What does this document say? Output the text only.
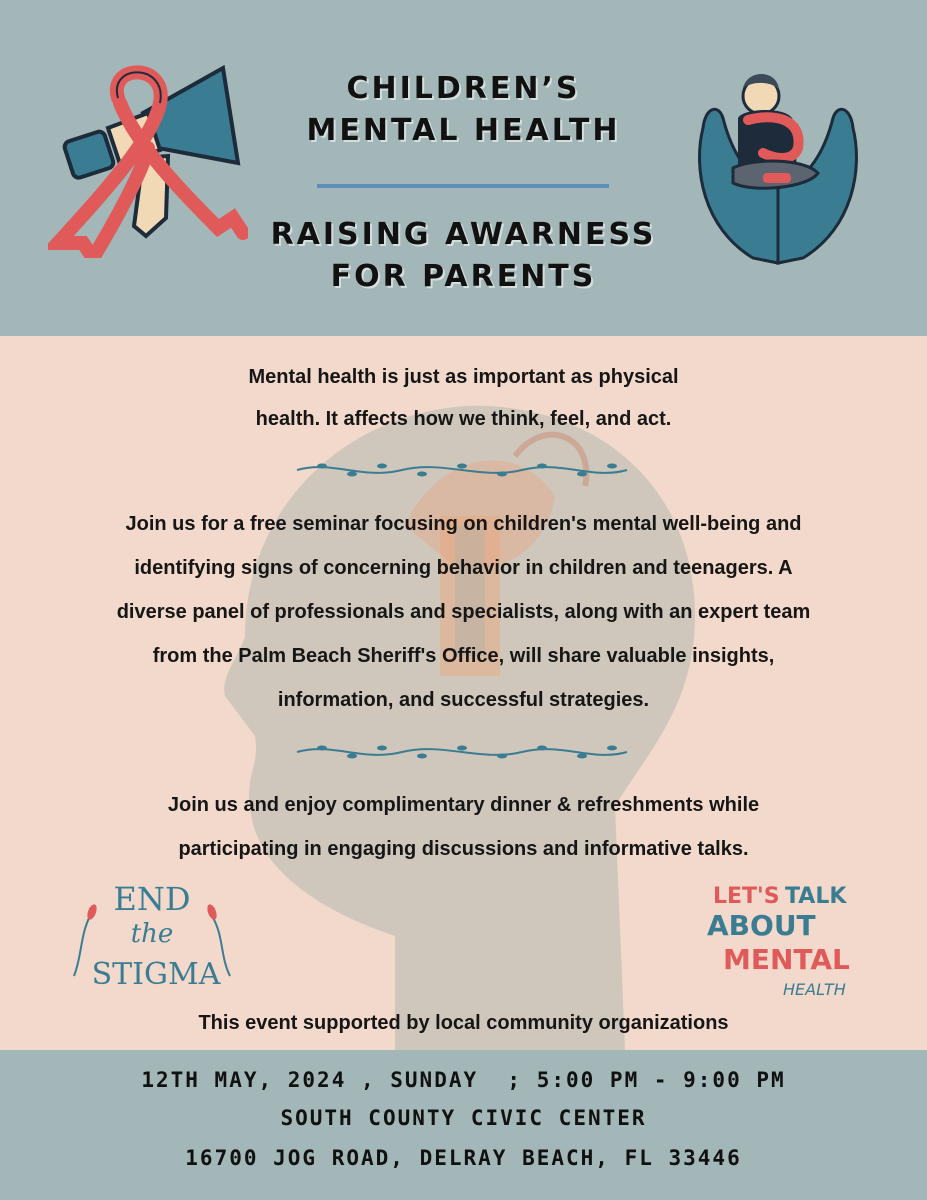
CHILDREN’S
MENTAL HEALTH
RAISING AWARNESS
FOR PARENTS
Mental health is just as important as physical
health. It affects how we think, feel, and act.
Join us for a free seminar focusing on children's mental well-being and
identifying signs of concerning behavior in children and teenagers. A
diverse panel of professionals and specialists, along with an expert team
from the Palm Beach Sheriff's Office, will share valuable insights,
information, and successful strategies.
Join us and enjoy complimentary dinner & refreshments while
participating in engaging discussions and informative talks.
END
the
STIGMA
LET'S TALK
ABOUT
MENTAL
HEALTH
This event supported by local community organizations
12TH MAY, 2024 , SUNDAY  ; 5:00 PM - 9:00 PM
SOUTH COUNTY CIVIC CENTER
16700 JOG ROAD, DELRAY BEACH, FL 33446
